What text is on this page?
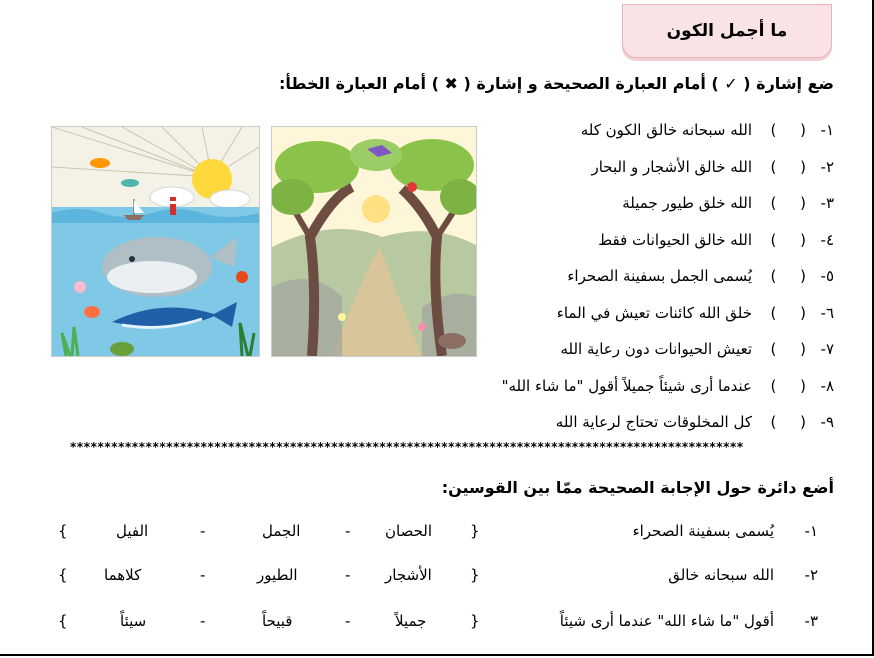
ما أجمل الكون
ضع إشارة ( ✓ ) أمام العبارة الصحيحة و إشارة ( ✖ ) أمام العبارة الخطأ:
١-
(     )
الله سبحانه خالق الكون كله
٢-
(     )
الله خالق الأشجار و البحار
٣-
(     )
الله خلق طيور جميلة
٤-
(     )
الله خالق الحيوانات فقط
٥-
(     )
يُسمى الجمل بسفينة الصحراء
٦-
(     )
خلق الله كائنات تعيش في الماء
٧-
(     )
تعيش الحيوانات دون رعاية الله
٨-
(     )
عندما أرى شيئاً جميلاً أقول "ما شاء الله"
٩-
(     )
كل المخلوقات تحتاج لرعاية الله
**************************************************************************************************
أضع دائرة حول الإجابة الصحيحة ممّا بين القوسين:
١-
يُسمى بسفينة الصحراء
{
الحصان
-
الجمل
-
الفيل
}
٢-
الله سبحانه خالق
{
الأشجار
-
الطيور
-
كلاهما
}
٣-
أقول "ما شاء الله" عندما أرى شيئاً
{
جميلاً
-
قبيحاً
-
سيئاً
}
